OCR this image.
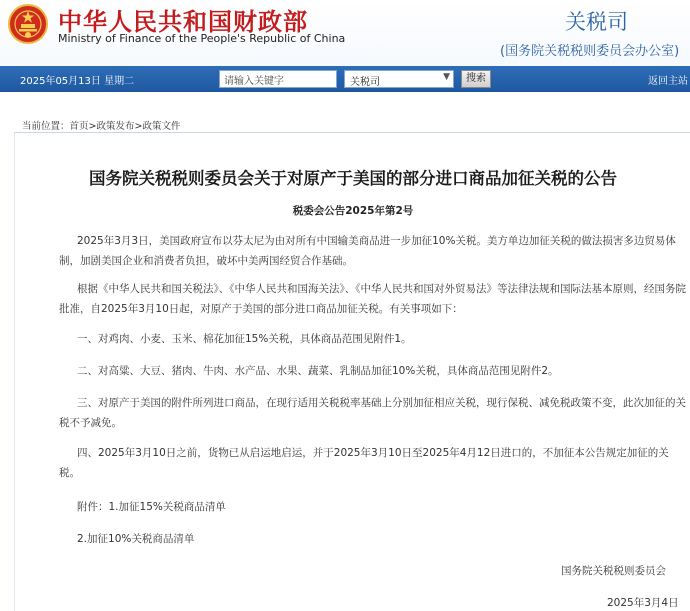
中华人民共和国财政部
Ministry of Finance of the People's Republic of China
关税司
(国务院关税税则委员会办公室)
2025年05月13日 星期二
请输入关键字	关税司	▼	搜索	返回主站
当前位置：首页>政策发布>政策文件
国务院关税税则委员会关于对原产于美国的部分进口商品加征关税的公告
税委会公告2025年第2号
2025年3月3日，美国政府宣布以芬太尼为由对所有中国输美商品进一步加征10%关税。美方单边加征关税的做法损害多边贸易体制，加剧美国企业和消费者负担，破坏中美两国经贸合作基础。
根据《中华人民共和国关税法》、《中华人民共和国海关法》、《中华人民共和国对外贸易法》等法律法规和国际法基本原则，经国务院批准，自2025年3月10日起，对原产于美国的部分进口商品加征关税。有关事项如下：
一、对鸡肉、小麦、玉米、棉花加征15%关税，具体商品范围见附件1。
二、对高粱、大豆、猪肉、牛肉、水产品、水果、蔬菜、乳制品加征10%关税，具体商品范围见附件2。
三、对原产于美国的附件所列进口商品，在现行适用关税税率基础上分别加征相应关税，现行保税、减免税政策不变，此次加征的关税不予减免。
四、2025年3月10日之前，货物已从启运地启运，并于2025年3月10日至2025年4月12日进口的，不加征本公告规定加征的关税。
附件：1.加征15%关税商品清单
2.加征10%关税商品清单
国务院关税税则委员会
2025年3月4日
